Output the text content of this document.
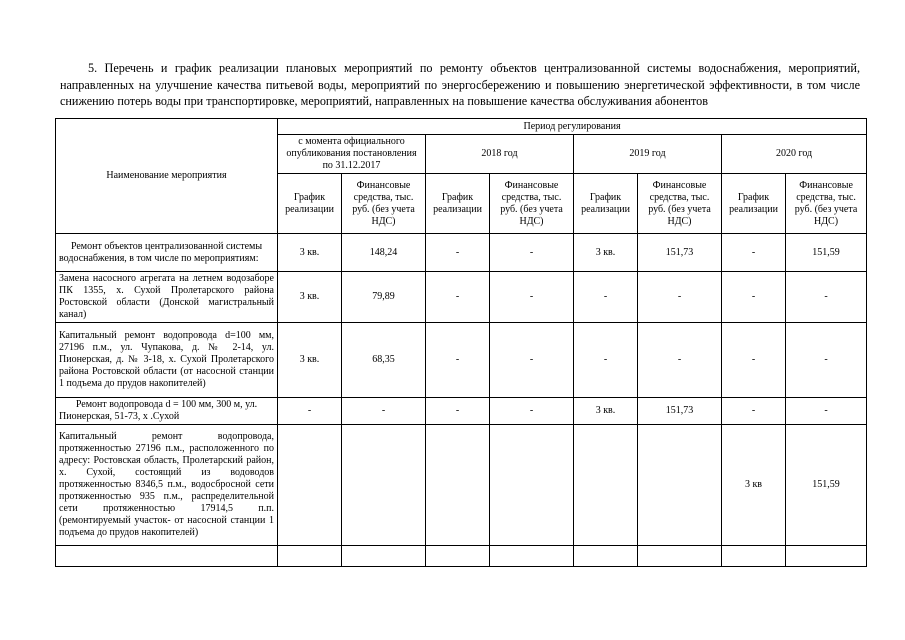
5. Перечень и график реализации плановых мероприятий по ремонту объектов централизованной системы водоснабжения, мероприятий, направленных на улучшение качества питьевой воды, мероприятий по энергосбережению и повышению энергетической эффективности, в том числе снижению потерь воды при транспортировке, мероприятий, направленных на повышение качества обслуживания абонентов
Наименование мероприятия	Период регулирования							
	с момента официального опубликования постановления по 31.12.2017		2018 год		2019 год		2020 год	
	График реализации	Финансовые средства, тыс. руб. (без учета НДС)	График реализации	Финансовые средства, тыс. руб. (без учета НДС)	График реализации	Финансовые средства, тыс. руб. (без учета НДС)	График реализации	Финансовые средства, тыс. руб. (без учета НДС)
Ремонт объектов централизованной системы водоснабжения, в том числе по мероприятиям:	3 кв.	148,24	-	-	3 кв.	151,73	-	151,59
Замена насосного агрегата на летнем водозаборе ПК 1355, х. Сухой Пролетарского района Ростовской области (Донской магистральный канал)	3 кв.	79,89	-	-	-	-	-	-
Капитальный ремонт водопровода d=100 мм, 27196 п.м., ул. Чупакова, д. № 2-14, ул. Пионерская, д. № 3-18, х. Сухой Пролетарского района Ростовской области (от насосной станции 1 подъема до прудов накопителей)	3 кв.	68,35	-	-	-	-	-	-
Ремонт водопровода d = 100 мм, 300 м, ул. Пионерская, 51-73, х .Сухой	-	-	-	-	3 кв.	151,73	-	-
Капитальный ремонт водопровода, протяженностью 27196 п.м., расположенного по адресу: Ростовская область, Пролетарский район, х. Сухой, состоящий из водоводов протяженностью 8346,5 п.м., водосбросной сети протяженностью 935 п.м., распределительной сети протяженностью 17914,5 п.п. (ремонтируемый участок- от насосной станции 1 подъема до прудов накопителей)							3 кв	151,59
